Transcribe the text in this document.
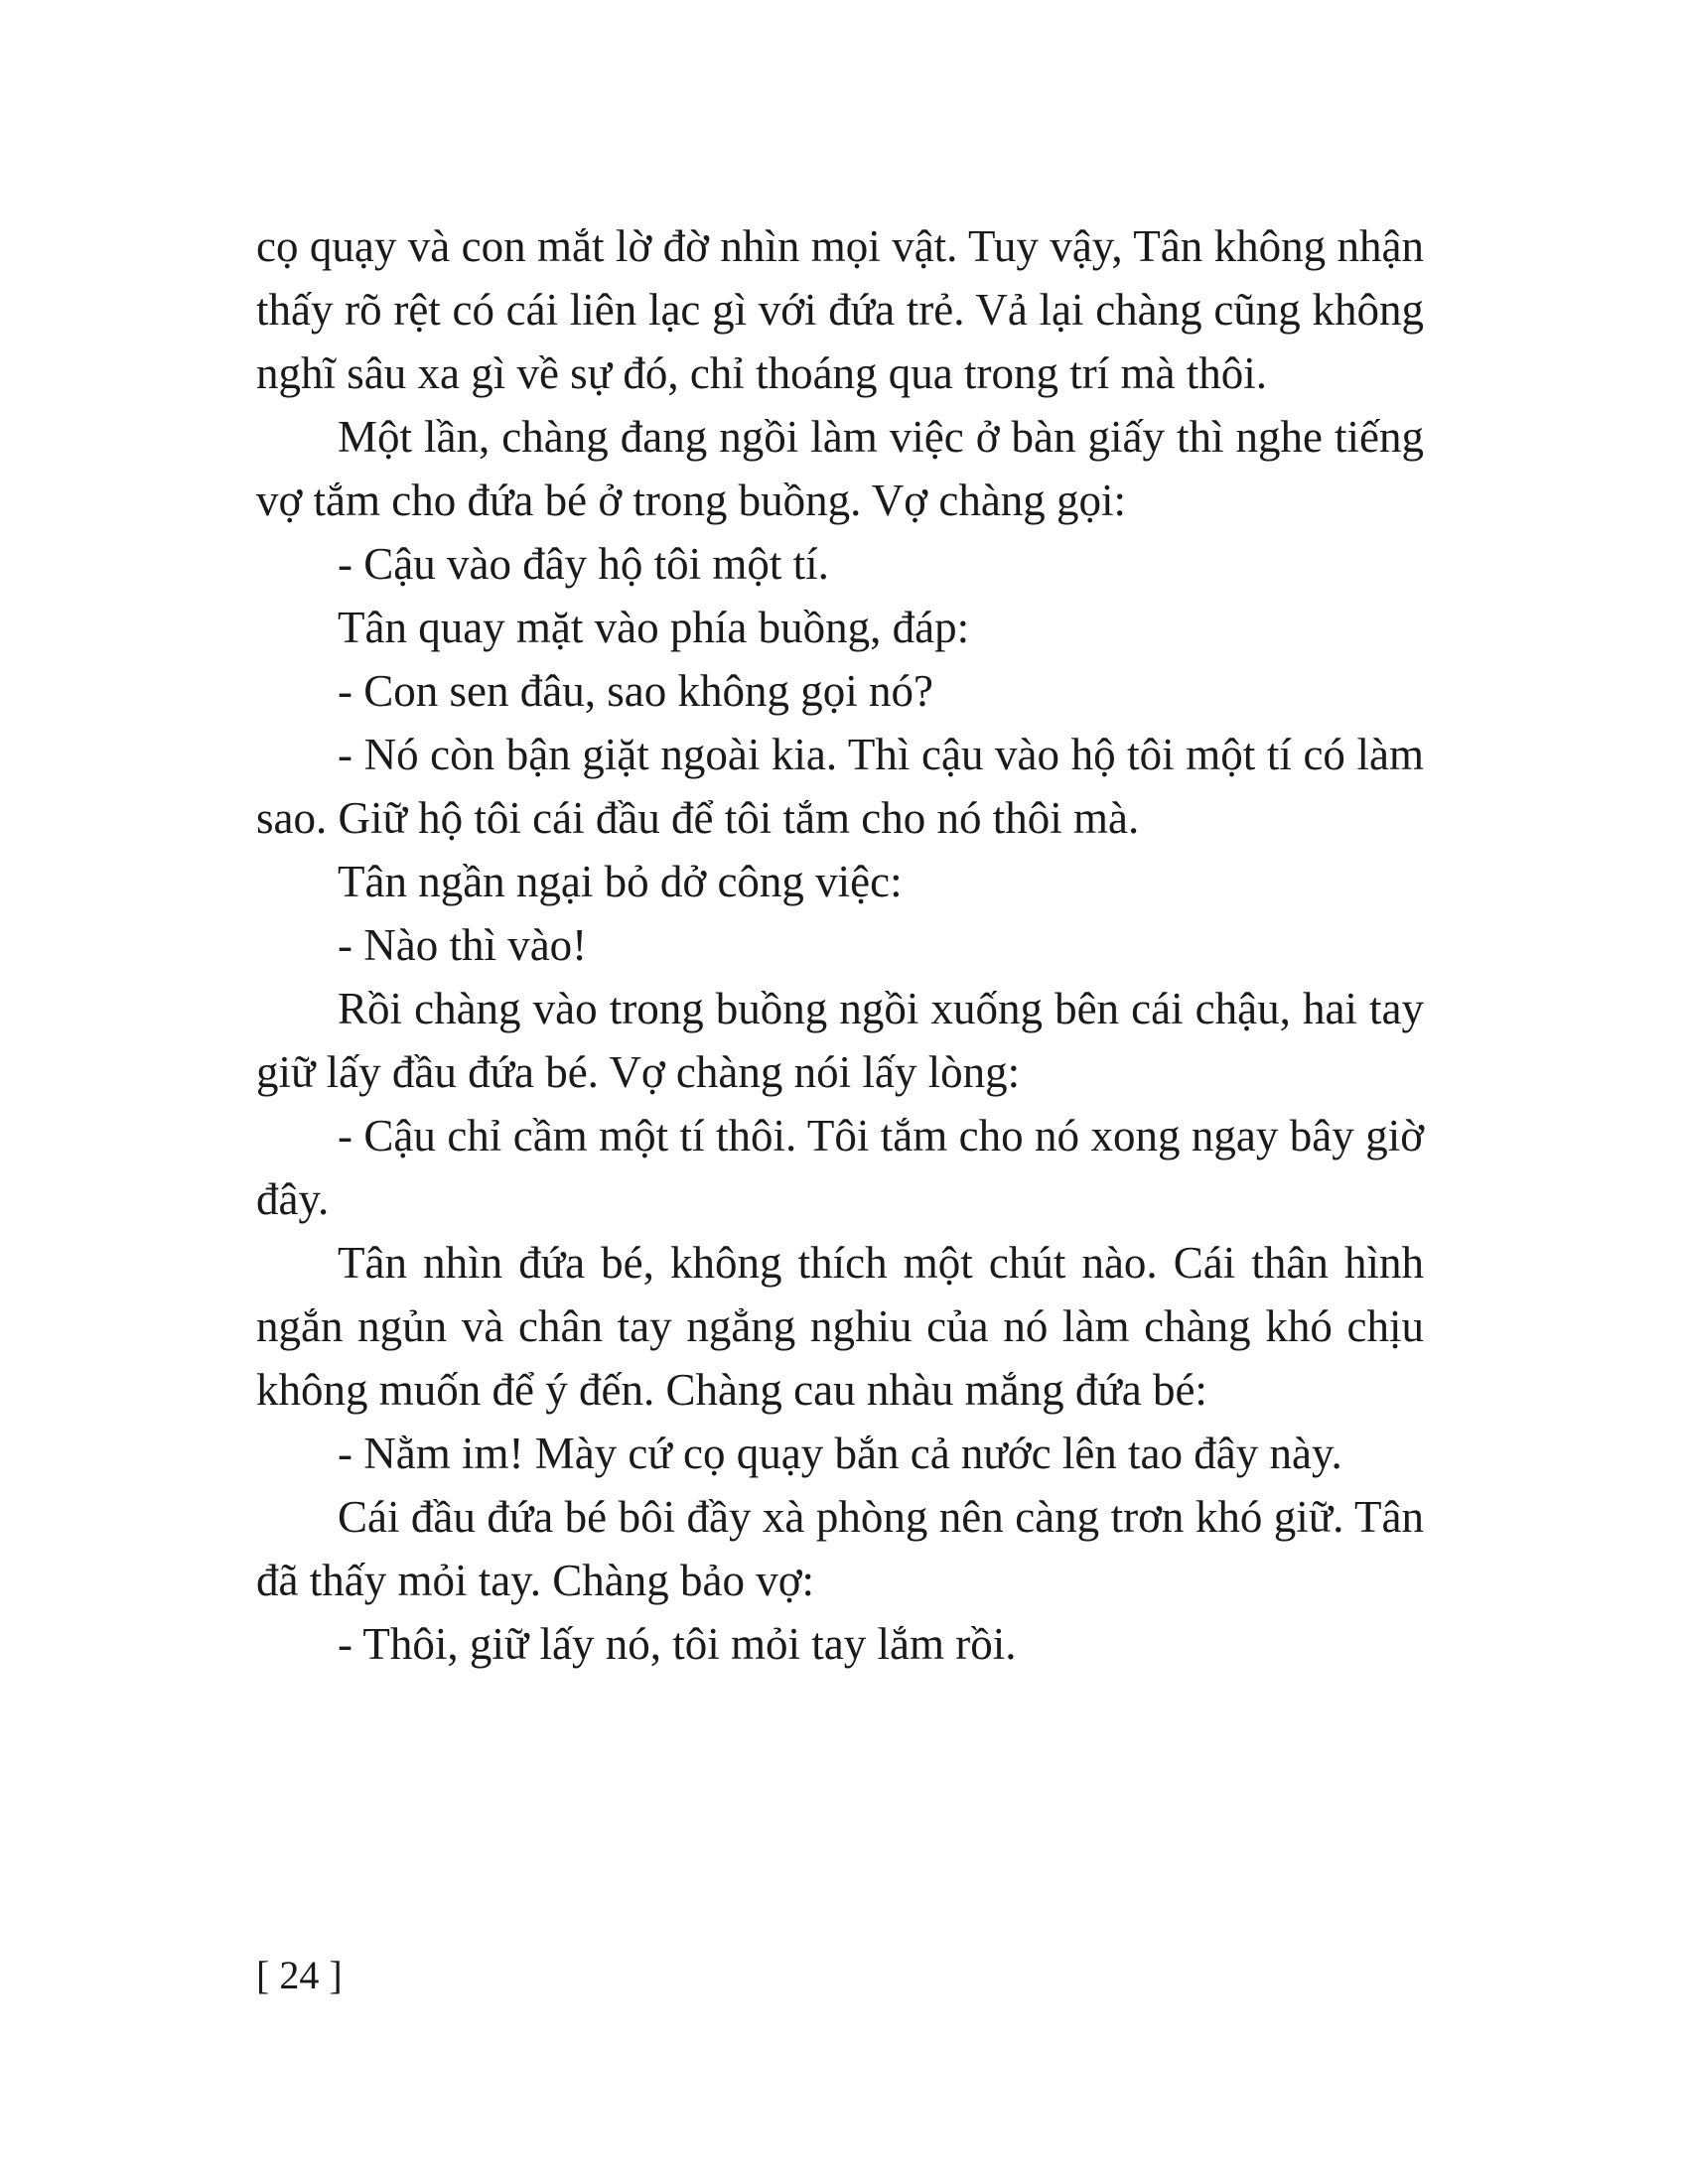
cọ quạy và con mắt lờ đờ nhìn mọi vật. Tuy vậy, Tân không nhận thấy rõ rệt có cái liên lạc gì với đứa trẻ. Vả lại chàng cũng không nghĩ sâu xa gì về sự đó, chỉ thoáng qua trong trí mà thôi.

Một lần, chàng đang ngồi làm việc ở bàn giấy thì nghe tiếng vợ tắm cho đứa bé ở trong buồng. Vợ chàng gọi:

- Cậu vào đây hộ tôi một tí.

Tân quay mặt vào phía buồng, đáp:

- Con sen đâu, sao không gọi nó?

- Nó còn bận giặt ngoài kia. Thì cậu vào hộ tôi một tí có làm sao. Giữ hộ tôi cái đầu để tôi tắm cho nó thôi mà.

Tân ngần ngại bỏ dở công việc:

- Nào thì vào!

Rồi chàng vào trong buồng ngồi xuống bên cái chậu, hai tay giữ lấy đầu đứa bé. Vợ chàng nói lấy lòng:

- Cậu chỉ cầm một tí thôi. Tôi tắm cho nó xong ngay bây giờ đây.

Tân nhìn đứa bé, không thích một chút nào. Cái thân hình ngắn ngủn và chân tay ngẳng nghiu của nó làm chàng khó chịu không muốn để ý đến. Chàng cau nhàu mắng đứa bé:

- Nằm im! Mày cứ cọ quạy bắn cả nước lên tao đây này.

Cái đầu đứa bé bôi đầy xà phòng nên càng trơn khó giữ. Tân đã thấy mỏi tay. Chàng bảo vợ:

- Thôi, giữ lấy nó, tôi mỏi tay lắm rồi.

[ 24 ]
